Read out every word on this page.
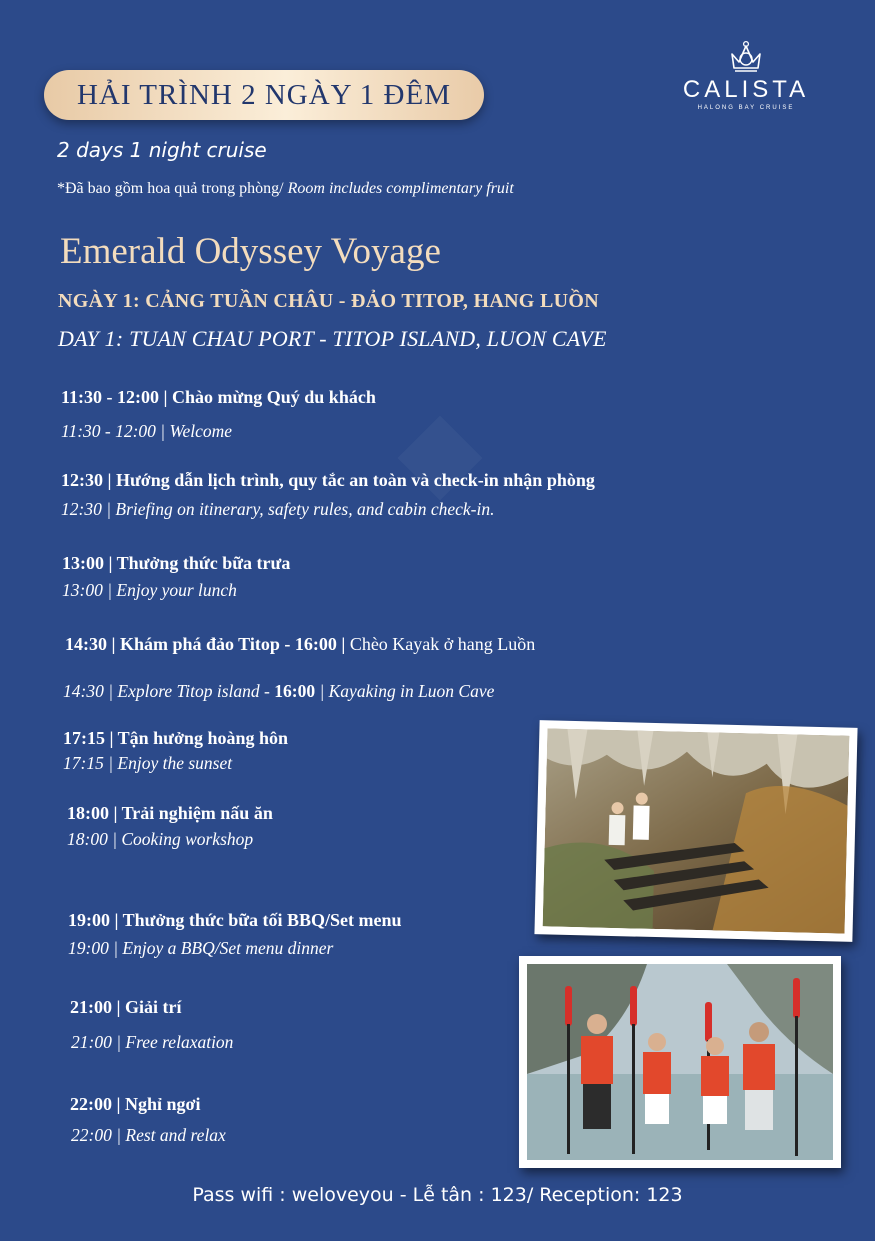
HẢI TRÌNH 2 NGÀY 1 ĐÊM	CALISTA
HALONG BAY CRUISE
2 days 1 night cruise
*Đã bao gồm hoa quả trong phòng/ Room includes complimentary fruit
Emerald Odyssey Voyage
NGÀY 1: CẢNG TUẦN CHÂU - ĐẢO TITOP, HANG LUỒN
DAY 1: TUAN CHAU PORT - TITOP ISLAND, LUON CAVE
11:30 - 12:00 | Chào mừng Quý du khách
11:30 - 12:00 | Welcome
12:30 | Hướng dẫn lịch trình, quy tắc an toàn và check-in nhận phòng
12:30 | Briefing on itinerary, safety rules, and cabin check-in.
13:00 | Thưởng thức bữa trưa
13:00 | Enjoy your lunch
14:30 | Khám phá đảo Titop - 16:00 | Chèo Kayak ở hang Luồn
14:30 | Explore Titop island - 16:00 | Kayaking in Luon Cave
17:15 | Tận hưởng hoàng hôn
17:15 | Enjoy the sunset
18:00 | Trải nghiệm nấu ăn
18:00 | Cooking workshop
19:00 | Thưởng thức bữa tối BBQ/Set menu
19:00 | Enjoy a BBQ/Set menu dinner
21:00 | Giải trí
21:00 | Free relaxation
22:00 | Nghỉ ngơi
22:00 | Rest and relax
Pass wifi : weloveyou - Lễ tân : 123/ Reception: 123
